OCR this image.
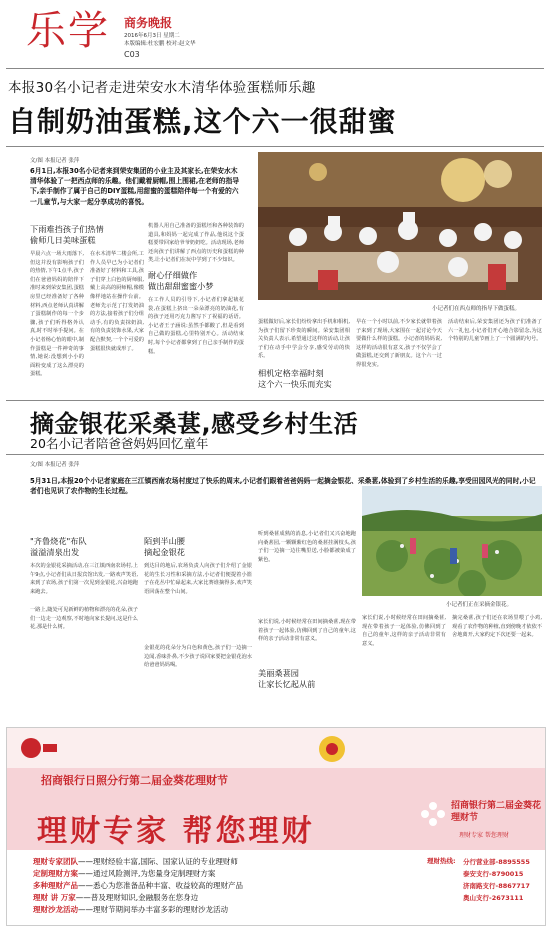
乐学 商务晚报
2016年6月3日 星期二
本版编辑:杜宏鹏 校对:赵文华
C03
本报30名小记者走进荣安水木清华体验蛋糕师乐趣
自制奶油蛋糕,这个六一很甜蜜
文/图 本报记者 张萍
6月1日,本报30名小记者来到荣安集团的小业主及其家长,在荣安水木清华体验了一把西点师的乐趣。他们戴着厨帽,围上围裙,在老师的指导下,亲手制作了属于自己的DIY蛋糕,用甜蜜的蛋糕陪伴每一个有爱的六一儿童节,与大家一起分享成功的喜悦。
小记者们在西点师的指导下做蛋糕。
下雨难挡孩子们热情
偷师几日美味蛋糕
早晨六点一场大雨落下,但这并没有影响孩子们的热情,下午1点半,孩子们在爸爸妈妈的陪伴下准时来到荣安集团,蛋糕房里已经准备好了各种材料,西点老师认真讲解了蛋糕制作的每一个步骤,孩子们听得格外认真,时不时举手提问。在小记者杨心怡的眼中,制作蛋糕是一件神奇的事情,她说:没想到小小的面粉变成了这么漂亮的蛋糕。
在水木清华二楼会所,工作人员早已为小记者们准备好了材料和工具,孩子们穿上白色的厨师服,戴上高高的厨师帽,像模像样地站在操作台前。老师先示范了打发奶油的方法,接着孩子们分组动手,有的负责抹奶油,有的负责装饰水果,大家配合默契,一个个可爱的蛋糕很快就成形了。
机器人用自己准备的蛋糕坯和各种装饰的道具,和妈妈一起完成了作品,他说这个蛋糕要带回家给爷爷奶奶吃。活动现场,老师还向孩子们讲解了西点的历史和蛋糕的种类,让小记者们在玩中学到了不少知识。
耐心仔细做作
做出甜甜蜜蜜小梦
在工作人员的引导下,小记者们拿起裱花袋,在蛋糕上挤出一朵朵漂亮的奶油花,有的孩子还用巧克力酱写下了祝福的话语。小记者王子涵说:虽然手都酸了,但是看到自己做的蛋糕,心里特别开心。活动结束时,每个小记者都拿到了自己亲手制作的蛋糕。
蛋糕做好后,家长们纷纷拿出手机和相机,为孩子们留下珍贵的瞬间。荣安集团相关负责人表示,希望通过这样的活动,让孩子们在动手中学会分享,感受劳动的快乐。
相机定格幸福时刻
这个六一快乐而充实
早在一个小时以前,不少家长就带着孩子来到了现场,大家围在一起讨论今天要做什么样的蛋糕。小记者的妈妈说,这样的活动很有意义,孩子不仅学会了做蛋糕,还交到了新朋友。这个六一过得很充实。
活动结束后,荣安集团还为孩子们准备了六一礼包,小记者们开心地合影留念,为这个特别的儿童节画上了一个圆满的句号。
摘金银花采桑葚,感受乡村生活
20名小记者陪爸爸妈妈回忆童年
文/图 本报记者 张萍
5月31日,本报20个小记者家庭在三江镇西南农场村度过了快乐的周末,小记者们跟着爸爸妈妈一起摘金银花、采桑葚,体验到了乡村生活的乐趣,享受田园风光的同时,小记者们也见识了农作物的生长过程。
"齐鲁烧花"布队
溢溢清泉出发
本次的金银花采摘活动,在三江镇西南农场村,上午9点,小记者们从日报宾馆出发,一路欢声笑语,来到了农场,孩子们第一次见到金银花,兴奋地跑来跑去。
一路上,随处可见新鲜的植物和漂亮的花朵,孩子们一边走一边观察,不时地向家长提问,这是什么花,那是什么树。
陌到半山腰
摘起金银花
到达目的地后,农场负责人向孩子们介绍了金银花的生长习性和采摘方法,小记者们便提着小篮子在花丛中忙碌起来,大家比赛谁摘得多,欢声笑语回荡在整个山间。
金银花的花朵分为白色和黄色,孩子们一边摘一边闻,香味扑鼻,不少孩子说回家要把金银花泡水给爸爸妈妈喝。
听到桑葚成熟的消息,小记者们又兴奋地跑向桑葚园,一颗颗紫红色的桑葚挂满枝头,孩子们一边摘一边往嘴里送,小脸都被染成了紫色。
家长们说,小时候经常在田间摘桑葚,现在带着孩子一起体验,仿佛回到了自己的童年,这样的亲子活动非常有意义。
美丽桑葚园
让家长忆起从前
小记者们正在采摘金银花。
家长们说,小时候经常在田间摘桑葚,现在带着孩子一起体验,仿佛回到了自己的童年,这样的亲子活动非常有意义。
摘完桑葚,孩子们还在农场里喂了小鸡,观看了农作物的种植,直到傍晚才依依不舍地离开,大家约定下次还要一起来。
招商银行日照分行第二届金葵花理财节
理财专家 帮您理财
招商银行第二届金葵花理财节
理财专家 帮您理财
理财专家团队——理财经验丰富,国际、国家认证的专业理财师
定制理财方案——通过风险测评,为您量身定制理财方案
多种理财产品——悉心为您准备品种丰富、收益较高的理财产品
理财 讲 万家——普及理财知识,金融服务在您身边
理财沙龙活动——理财节期间举办丰富多彩的理财沙龙活动
理财热线: 分行营业部-8895555
泰安支行-8790015
济南路支行-8867717
奥山支行-2673111
